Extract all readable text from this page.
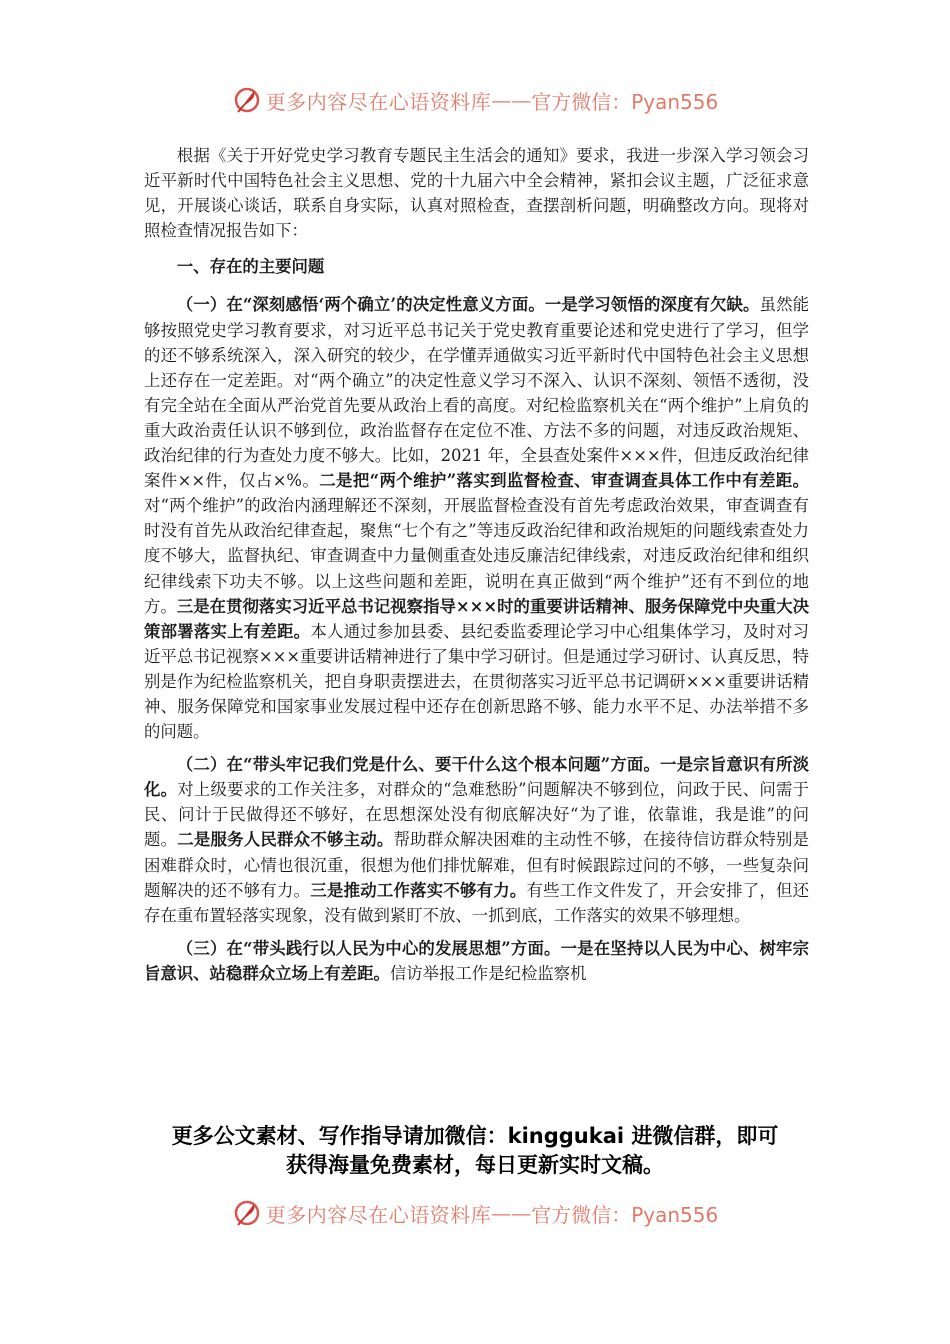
更多内容尽在心语资料库 —— 官方微信：Pyan556

根据《关于开好党史学习教育专题民主生活会的通知》要求，我进一步深入学习领会习近平新时代中国特色社会主义思想、党的十九届六中全会精神，紧扣会议主题，广泛征求意见，开展谈心谈话，联系自身实际，认真对照检查，查摆剖析问题，明确整改方向。现将对照检查情况报告如下：

一、存在的主要问题

（一）在“深刻感悟‘两个确立’的决定性意义方面。一是学习领悟的深度有欠缺。虽然能够按照党史学习教育要求，对习近平总书记关于党史教育重要论述和党史进行了学习，但学的还不够系统深入，深入研究的较少，在学懂弄通做实习近平新时代中国特色社会主义思想上还存在一定差距。对“两个确立”的决定性意义学习不深入、认识不深刻、领悟不透彻，没有完全站在全面从严治党首先要从政治上看的高度。对纪检监察机关在“两个维护”上肩负的重大政治责任认识不够到位，政治监督存在定位不准、方法不多的问题，对违反政治规矩、政治纪律的行为查处力度不够大。比如，2021 年，全县查处案件×××件，但违反政治纪律案件××件，仅占×%。二是把“两个维护”落实到监督检查、审查调查具体工作中有差距。对“两个维护”的政治内涵理解还不深刻，开展监督检查没有首先考虑政治效果，审查调查有时没有首先从政治纪律查起，聚焦“七个有之”等违反政治纪律和政治规矩的问题线索查处力度不够大，监督执纪、审查调查中力量侧重查处违反廉洁纪律线索，对违反政治纪律和组织纪律线索下功夫不够。以上这些问题和差距，说明在真正做到“两个维护”还有不到位的地方。三是在贯彻落实习近平总书记视察指导×××时的重要讲话精神、服务保障党中央重大决策部署落实上有差距。本人通过参加县委、县纪委监委理论学习中心组集体学习，及时对习近平总书记视察×××重要讲话精神进行了集中学习研讨。但是通过学习研讨、认真反思，特别是作为纪检监察机关，把自身职责摆进去，在贯彻落实习近平总书记调研×××重要讲话精神、服务保障党和国家事业发展过程中还存在创新思路不够、能力水平不足、办法举措不多的问题。

（二）在“带头牢记我们党是什么、要干什么这个根本问题”方面。一是宗旨意识有所淡化。对上级要求的工作关注多，对群众的“急难愁盼”问题解决不够到位，问政于民、问需于民、问计于民做得还不够好，在思想深处没有彻底解决好“为了谁，依靠谁，我是谁”的问题。二是服务人民群众不够主动。帮助群众解决困难的主动性不够，在接待信访群众特别是困难群众时，心情也很沉重，很想为他们排忧解难，但有时候跟踪过问的不够，一些复杂问题解决的还不够有力。三是推动工作落实不够有力。有些工作文件发了，开会安排了，但还存在重布置轻落实现象，没有做到紧盯不放、一抓到底，工作落实的效果不够理想。

（三）在“带头践行以人民为中心的发展思想”方面。一是在坚持以人民为中心、树牢宗旨意识、站稳群众立场上有差距。信访举报工作是纪检监察机

更多公文素材、写作指导请加微信：kinggukai 进微信群，即可
获得海量免费素材，每日更新实时文稿。
更多内容尽在心语资料库 —— 官方微信：Pyan556
